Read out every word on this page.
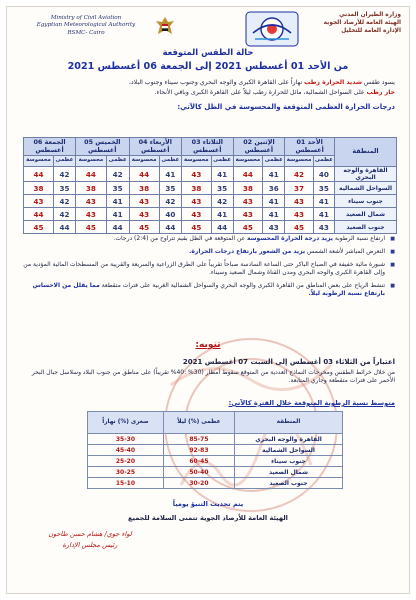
Ministry of Civil Aviation
Egyptian Meteorological Authority
RSMC- Cairo
وزارة الطيران المدني
الهيئة العامة للأرصاد الجوية
الإدارة العامة للتحليل
حالة الطقس المتوقعة
من الأحد 01 أغسطس 2021 إلى الجمعة 06 أغسطس 2021
يسود طقس شديد الحرارة رطب نهاراً على القاهرة الكبرى والوجه البحري وجنوب سيناء وجنوب البلاد،
حار رطب على السواحل الشمالية، مائل للحرارة رطب ليلاً على القاهرة الكبرى وباقي الأنحاء.
درجات الحرارة العظمى المتوقعة والمحسوسة في الظل كالآتي:
المنطقة	الأحد 01 أغسطس		الإثنين 02 أغسطس		الثلاثاء 03 أغسطس		الأربعاء 04 أغسطس		الخميس 05 أغسطس		الجمعة 06 أغسطس	
	عظمى	محسوسة	عظمى	محسوسة	عظمى	محسوسة	عظمى	محسوسة	عظمى	محسوسة	عظمى	محسوسة
القاهرة والوجه البحري	40	42	41	44	41	43	41	44	42	44	42	44
السواحل الشمالية	35	37	36	38	35	38	35	38	35	38	35	38
جنوب سيناء	41	43	41	43	42	43	42	43	41	43	42	43
شمال الصعيد	41	43	41	43	41	43	40	43	41	43	42	44
جنوب الصعيد	43	45	43	45	44	45	44	45	44	45	44	45
■ ارتفاع نسبة الرطوبة يزيد درجة الحرارة المحسوسة عن المتوقعة في الظل بقيم تتراوح من (2:4) درجات.
■ التعرض المباشر لأشعة الشمس يزيد من الشعور بارتفاع درجات الحرارة.
■ شبورة مائية خفيفة في الصباح الباكر حتى الساعة السادسة صباحاً تقريباً على الطرق الزراعية والسريعة والقريبة من المسطحات المائية المؤدية من وإلى القاهرة الكبرى والوجه البحري ومدن القناة وشمال الصعيد وسيناء.
■ تنشط الرياح على بعض المناطق من القاهرة الكبرى والوجه البحري والسواحل الشمالية الغربية على فترات متقطعة مما يقلل من الاحساس بارتفاع نسبة الرطوبة ليلاً.
تنويه:
اعتباراً من الثلاثاء 03 أغسطس إلى السبت 07 أغسطس 2021
من خلال خرائط الطقس ومخرجات النماذج العددية من المتوقع سقوط أمطار (30% :40% تقريباً) على مناطق من جنوب البلاد وسلاسل جبال البحر الأحمر على فترات متقطعة وجاري المتابعة.
متوسط نسبة الرطوبة المتوقعة خلال الفترة كالآتي:
المنطقة	عظمى (%) ليلاً	صغرى (%) نهاراً
القاهرة والوجه البحري	85-75	35-30
السواحل الشمالية	92-83	45-40
جنوب سيناء	60-45	25-20
شمال الصعيد	50-40	30-25
جنوب الصعيد	30-20	15-10
يتم تحديث التنبؤ يومياً
الهيئة العامة للأرصاد الجوية تتمنى السلامة للجميع
لواء جوي/ هشام حسن طاحون
رئيس مجلس الإدارة
